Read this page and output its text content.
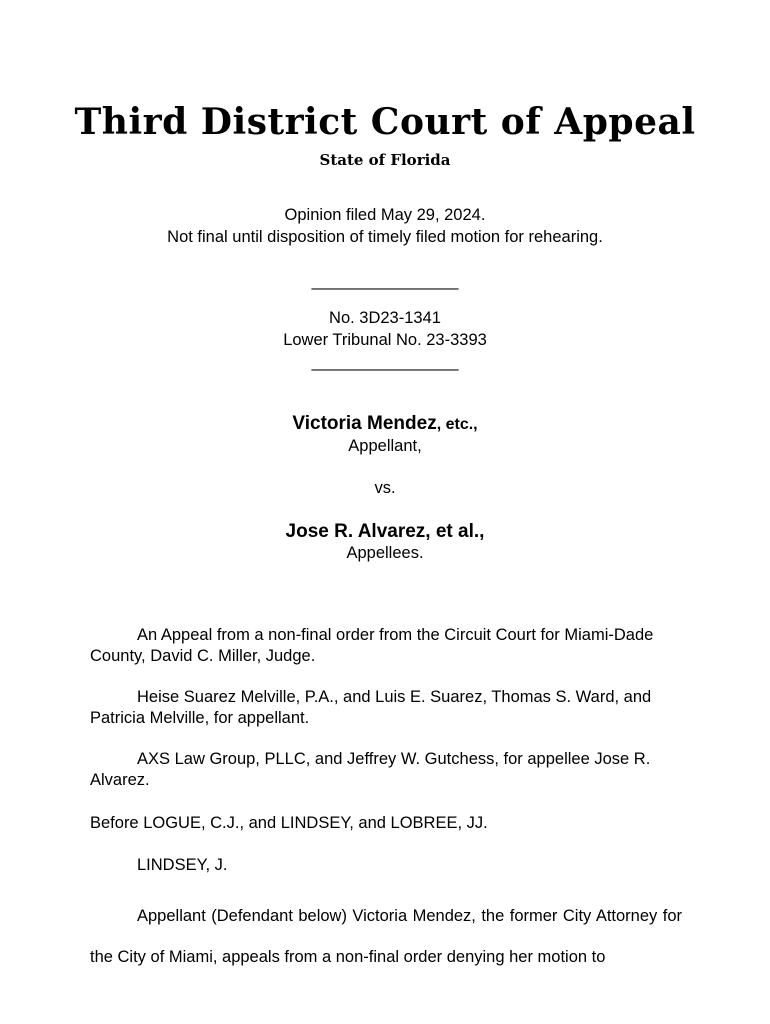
Third District Court of Appeal
State of Florida
Opinion filed May 29, 2024.
Not final until disposition of timely filed motion for rehearing.
________________
No. 3D23-1341
Lower Tribunal No. 23-3393
________________
Victoria Mendez, etc.,
Appellant,
vs.
Jose R. Alvarez, et al.,
Appellees.
An Appeal from a non-final order from the Circuit Court for Miami-Dade County, David C. Miller, Judge.
Heise Suarez Melville, P.A., and Luis E. Suarez, Thomas S. Ward, and Patricia Melville, for appellant.
AXS Law Group, PLLC, and Jeffrey W. Gutchess, for appellee Jose R. Alvarez.
Before LOGUE, C.J., and LINDSEY, and LOBREE, JJ.
LINDSEY, J.
Appellant (Defendant below) Victoria Mendez, the former City Attorney for the City of Miami, appeals from a non-final order denying her motion to
